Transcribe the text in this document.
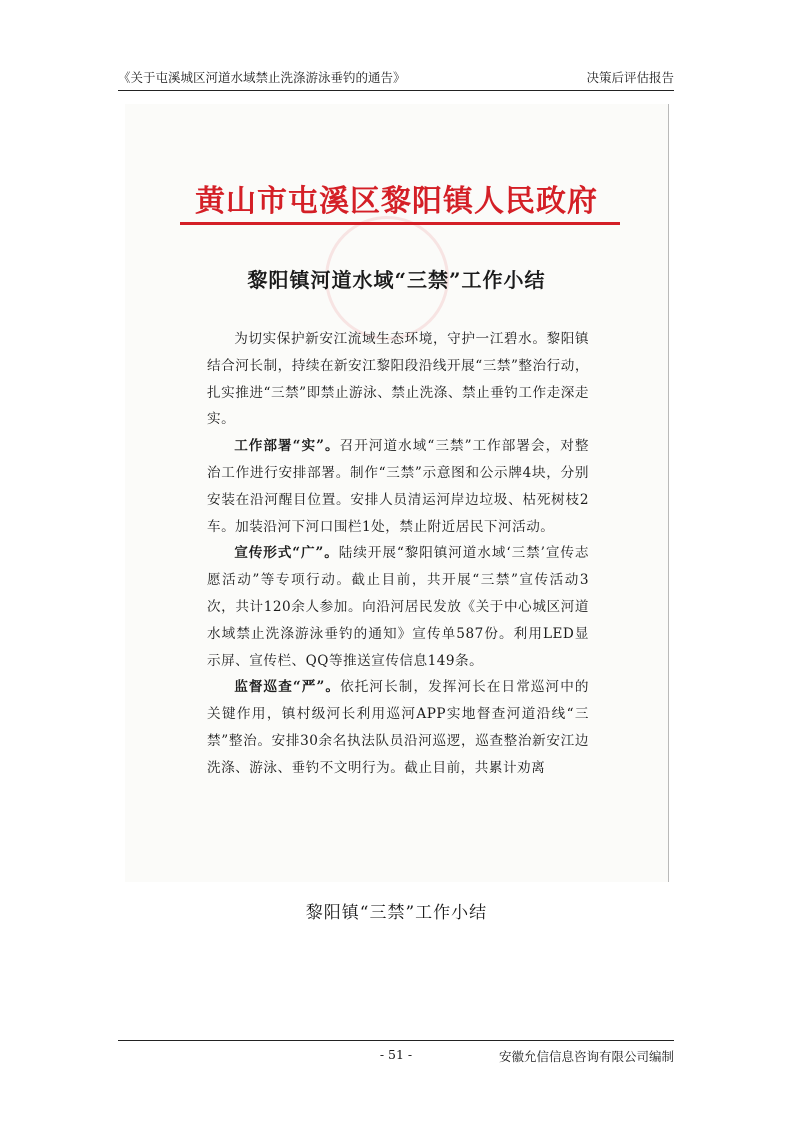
《关于屯溪城区河道水域禁止洗涤游泳垂钓的通告》	决策后评估报告
黄山市屯溪区黎阳镇人民政府
黎阳镇河道水域“三禁”工作小结

为切实保护新安江流域生态环境，守护一江碧水。黎阳镇结合河长制，持续在新安江黎阳段沿线开展“三禁”整治行动，扎实推进“三禁”即禁止游泳、禁止洗涤、禁止垂钓工作走深走实。

工作部署“实”。召开河道水域“三禁”工作部署会，对整治工作进行安排部署。制作“三禁”示意图和公示牌4块，分别安装在沿河醒目位置。安排人员清运河岸边垃圾、枯死树枝2车。加装沿河下河口围栏1处，禁止附近居民下河活动。

宣传形式“广”。陆续开展“黎阳镇河道水域‘三禁’宣传志愿活动”等专项行动。截止目前，共开展“三禁”宣传活动3次，共计120余人参加。向沿河居民发放《关于中心城区河道水域禁止洗涤游泳垂钓的通知》宣传单587份。利用LED显示屏、宣传栏、QQ等推送宣传信息149条。

监督巡查“严”。依托河长制，发挥河长在日常巡河中的关键作用，镇村级河长利用巡河APP实地督查河道沿线“三禁”整治。安排30余名执法队员沿河巡逻，巡查整治新安江边洗涤、游泳、垂钓不文明行为。截止目前，共累计劝离

黎阳镇“三禁”工作小结
- 51 -	安徽允信信息咨询有限公司编制
